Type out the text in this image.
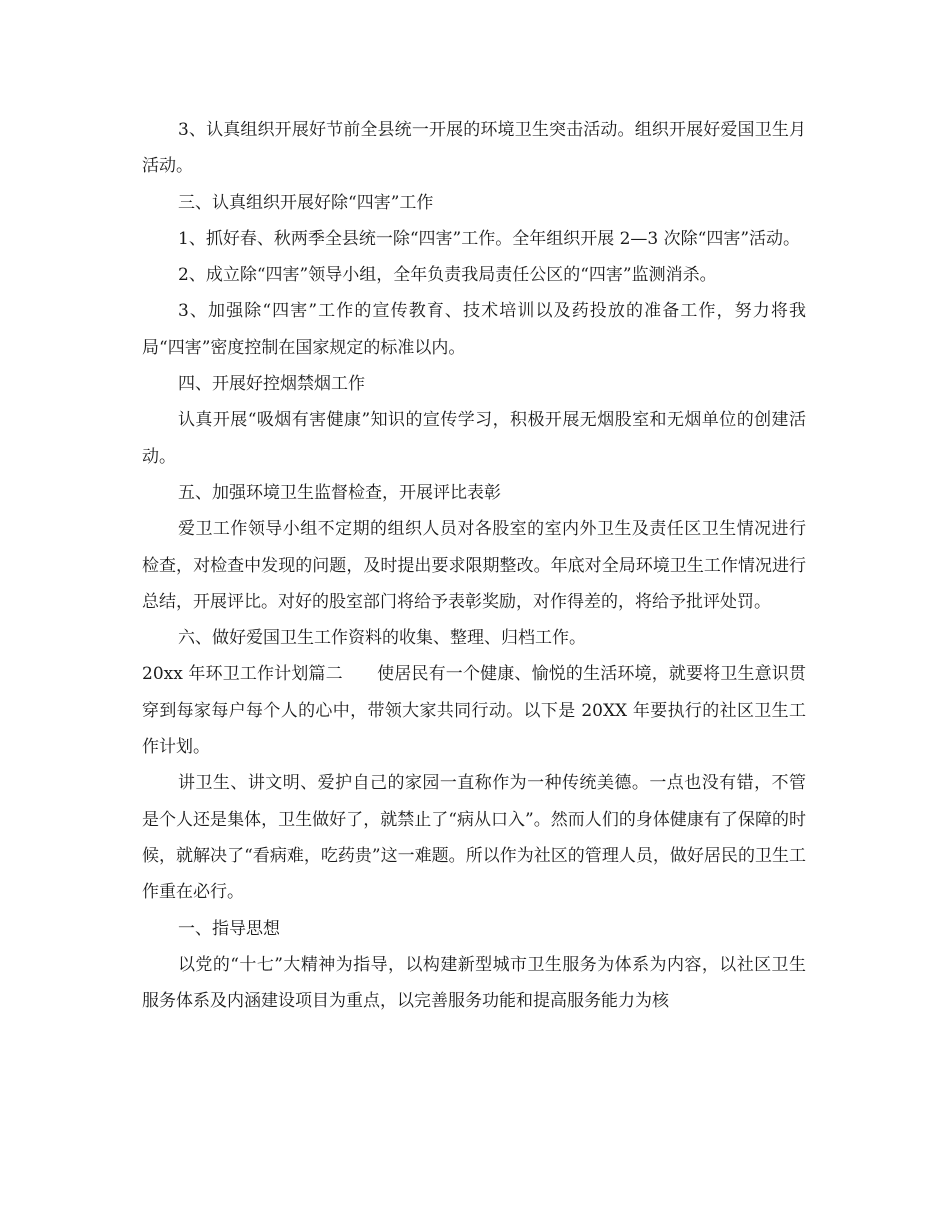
3、认真组织开展好节前全县统一开展的环境卫生突击活动。组织开展好爱国卫生月活动。

三、认真组织开展好除“四害”工作

1、抓好春、秋两季全县统一除“四害”工作。全年组织开展 2—3 次除“四害”活动。

2、成立除“四害”领导小组，全年负责我局责任公区的“四害”监测消杀。

3、加强除“四害”工作的宣传教育、技术培训以及药投放的准备工作，努力将我局“四害”密度控制在国家规定的标准以内。

四、开展好控烟禁烟工作

认真开展“吸烟有害健康”知识的宣传学习，积极开展无烟股室和无烟单位的创建活动。

五、加强环境卫生监督检查，开展评比表彰

爱卫工作领导小组不定期的组织人员对各股室的室内外卫生及责任区卫生情况进行检查，对检查中发现的问题，及时提出要求限期整改。年底对全局环境卫生工作情况进行总结，开展评比。对好的股室部门将给予表彰奖励，对作得差的，将给予批评处罚。

六、做好爱国卫生工作资料的收集、整理、归档工作。

20xx 年环卫工作计划篇二　　使居民有一个健康、愉悦的生活环境，就要将卫生意识贯穿到每家每户每个人的心中，带领大家共同行动。以下是 20XX 年要执行的社区卫生工作计划。

讲卫生、讲文明、爱护自己的家园一直称作为一种传统美德。一点也没有错，不管是个人还是集体，卫生做好了，就禁止了“病从口入”。然而人们的身体健康有了保障的时候，就解决了“看病难，吃药贵”这一难题。所以作为社区的管理人员，做好居民的卫生工作重在必行。

一、指导思想

以党的“十七”大精神为指导，以构建新型城市卫生服务为体系为内容，以社区卫生服务体系及内涵建设项目为重点，以完善服务功能和提高服务能力为核
